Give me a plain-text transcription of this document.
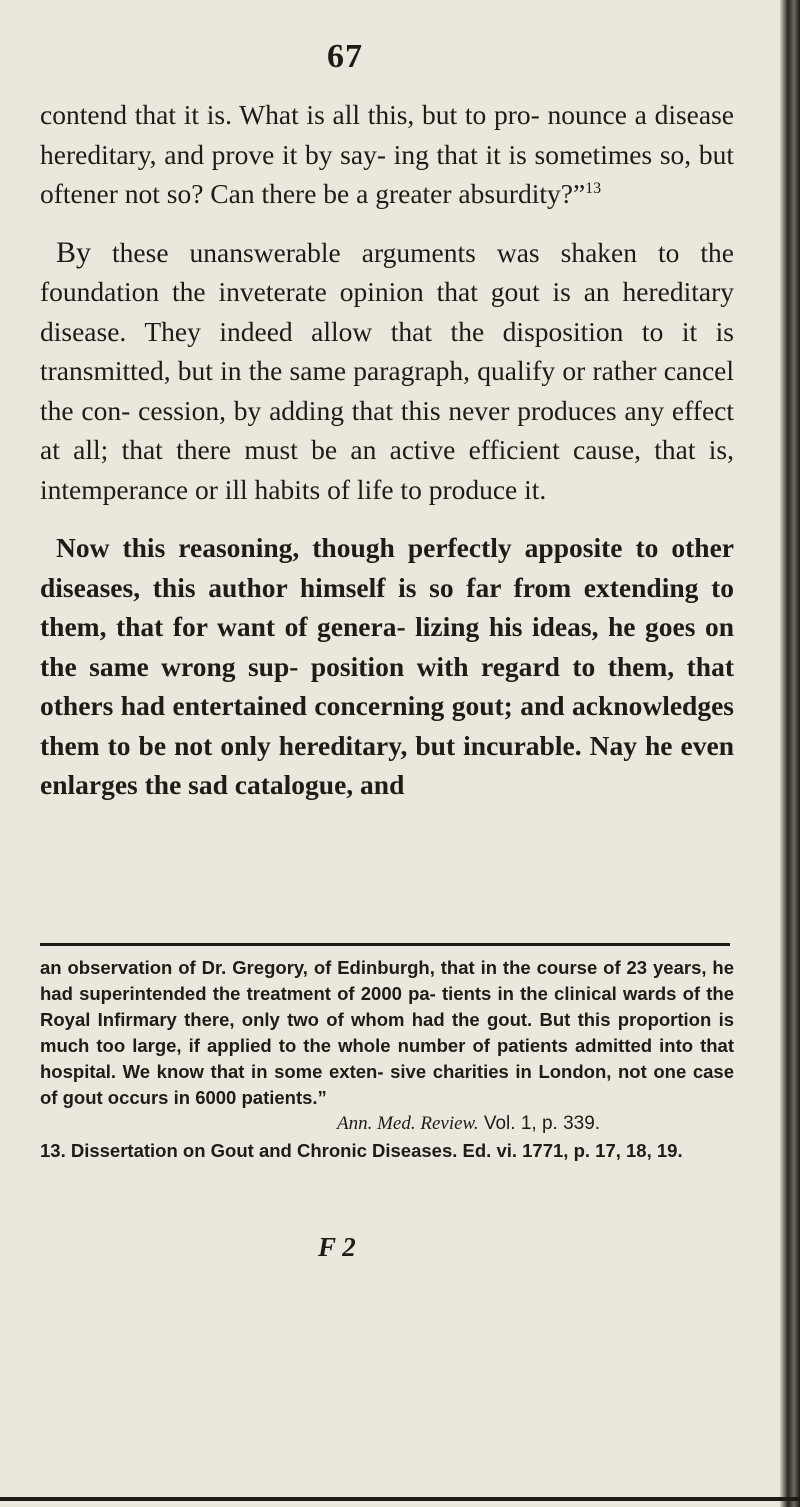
67

contend that it is. What is all this, but to pro- nounce a disease hereditary, and prove it by say- ing that it is sometimes so, but oftener not so? Can there be a greater absurdity?”$^{13}$

By these unanswerable arguments was shaken to the foundation the inveterate opinion that gout is an hereditary disease. They indeed allow that the disposition to it is transmitted, but in the same paragraph, qualify or rather cancel the con- cession, by adding that this never produces any effect at all; that there must be an active efficient cause, that is, intemperance or ill habits of life to produce it.

Now this reasoning, though perfectly apposite to other diseases, this author himself is so far from extending to them, that for want of genera- lizing his ideas, he goes on the same wrong sup- position with regard to them, that others had entertained concerning gout; and acknowledges them to be not only hereditary, but incurable. Nay he even enlarges the sad catalogue, and

an observation of Dr. Gregory, of Edinburgh, that in the course of 23 years, he had superintended the treatment of 2000 pa- tients in the clinical wards of the Royal Infirmary there, only two of whom had the gout. But this proportion is much too large, if applied to the whole number of patients admitted into that hospital. We know that in some exten- sive charities in London, not one case of gout occurs in 6000 patients.”

Ann. Med. Review. Vol. 1, p. 339.

13. Dissertation on Gout and Chronic Diseases. Ed. vi. 1771, p. 17, 18, 19.

F 2
